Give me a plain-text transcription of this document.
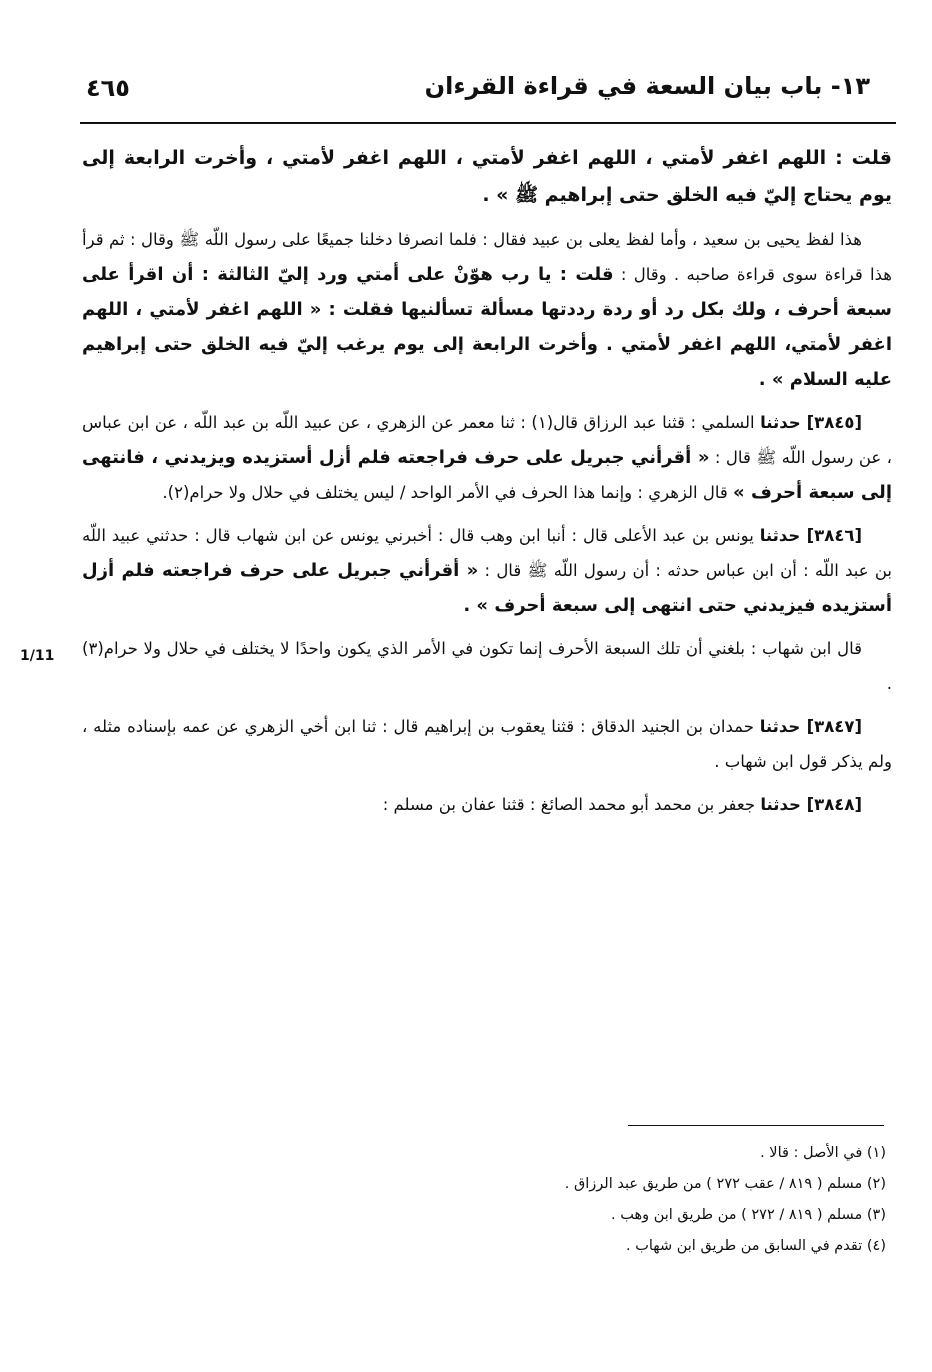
١٣- باب بيان السعة في قراءة القرءان
٤٦٥
1/11

قلت : اللهم اغفر لأمتي ، اللهم اغفر لأمتي ، اللهم اغفر لأمتي ، وأخرت الرابعة إلى يوم يحتاج إليّ فيه الخلق حتى إبراهيم ﷺ » .

هذا لفظ يحيى بن سعيد ، وأما لفظ يعلى بن عبيد فقال : فلما انصرفا دخلنا جميعًا على رسول اللّه ﷺ وقال : ثم قرأ هذا قراءة سوى قراءة صاحبه . وقال : قلت : يا رب هوّنْ على أمتي ورد إليّ الثالثة : أن اقرأ على سبعة أحرف ، ولك بكل رد أو ردة رددتها مسألة تسألنيها فقلت : « اللهم اغفر لأمتي ، اللهم اغفر لأمتي، اللهم اغفر لأمتي . وأخرت الرابعة إلى يوم يرغب إليّ فيه الخلق حتى إبراهيم عليه السلام » .

[٣٨٤٥] حدثنا السلمي : قثنا عبد الرزاق قال(١) : ثنا معمر عن الزهري ، عن عبيد اللّه بن عبد اللّه ، عن ابن عباس ، عن رسول اللّه ﷺ قال : « أقرأني جبريل على حرف فراجعته فلم أزل أستزيده ويزيدني ، فانتهى إلى سبعة أحرف » قال الزهري : وإنما هذا الحرف في الأمر الواحد / ليس يختلف في حلال ولا حرام(٢).

[٣٨٤٦] حدثنا يونس بن عبد الأعلى قال : أنبا ابن وهب قال : أخبرني يونس عن ابن شهاب قال : حدثني عبيد اللّه بن عبد اللّه : أن ابن عباس حدثه : أن رسول اللّه ﷺ قال : « أقرأني جبريل على حرف فراجعته فلم أزل أستزيده فيزيدني حتى انتهى إلى سبعة أحرف » .

قال ابن شهاب : بلغني أن تلك السبعة الأحرف إنما تكون في الأمر الذي يكون واحدًا لا يختلف في حلال ولا حرام(٣) .

[٣٨٤٧] حدثنا حمدان بن الجنيد الدقاق : قثنا يعقوب بن إبراهيم قال : ثنا ابن أخي الزهري عن عمه بإسناده مثله ، ولم يذكر قول ابن شهاب .

[٣٨٤٨] حدثنا جعفر بن محمد أبو محمد الصائغ : قثنا عفان بن مسلم :

(١) في الأصل : قالا .

(٢) مسلم ( ٨١٩ / عقب ٢٧٢ ) من طريق عبد الرزاق .

(٣) مسلم ( ٨١٩ / ٢٧٢ ) من طريق ابن وهب .

(٤) تقدم في السابق من طريق ابن شهاب .
